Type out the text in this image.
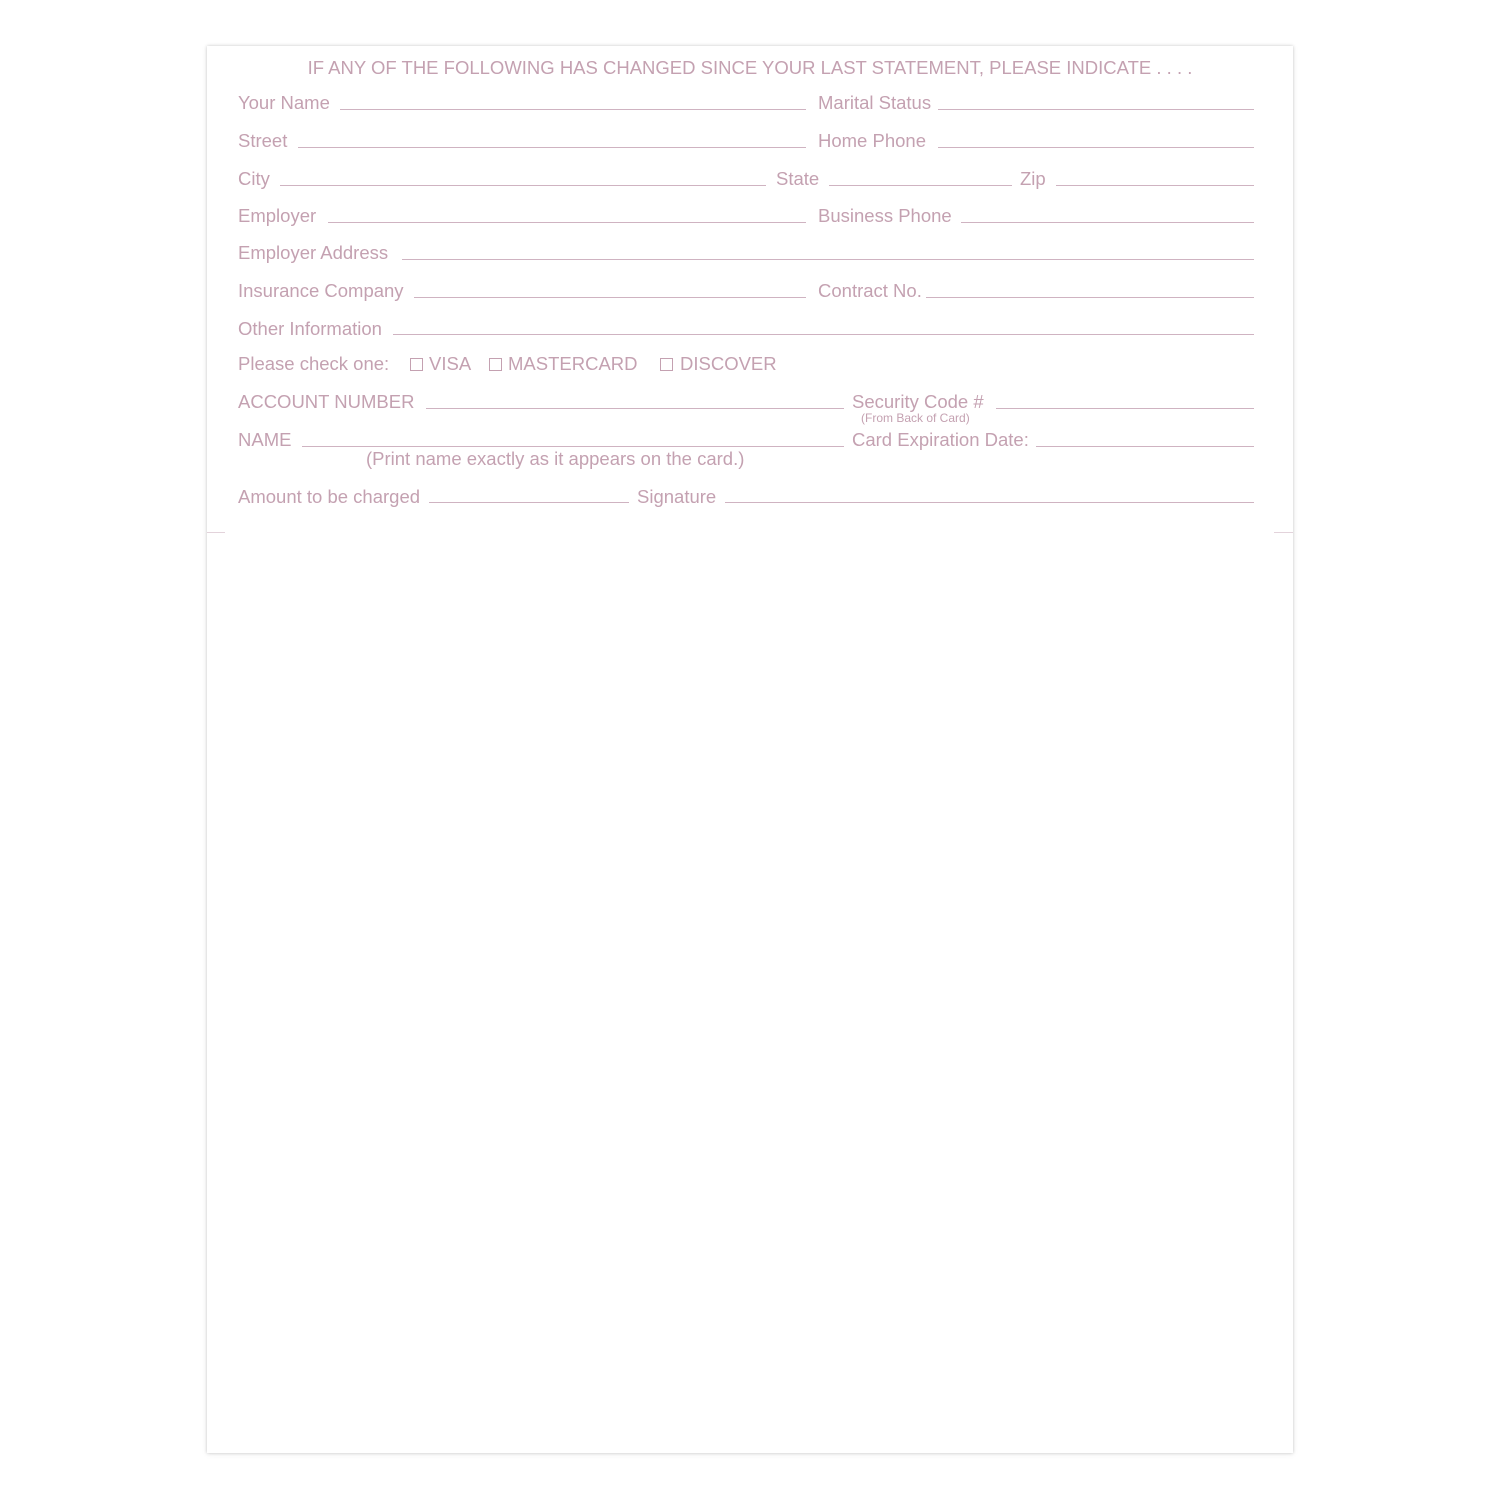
IF ANY OF THE FOLLOWING HAS CHANGED SINCE YOUR LAST STATEMENT, PLEASE INDICATE . . . .
Your Name	Marital Status
Street	Home Phone
City	State	Zip
Employer	Business Phone
Employer Address
Insurance Company	Contract No.
Other Information
Please check one: VISA MASTERCARD DISCOVER
ACCOUNT NUMBER	Security Code #
(From Back of Card)
NAME	Card Expiration Date:
(Print name exactly as it appears on the card.)
Amount to be charged	Signature
